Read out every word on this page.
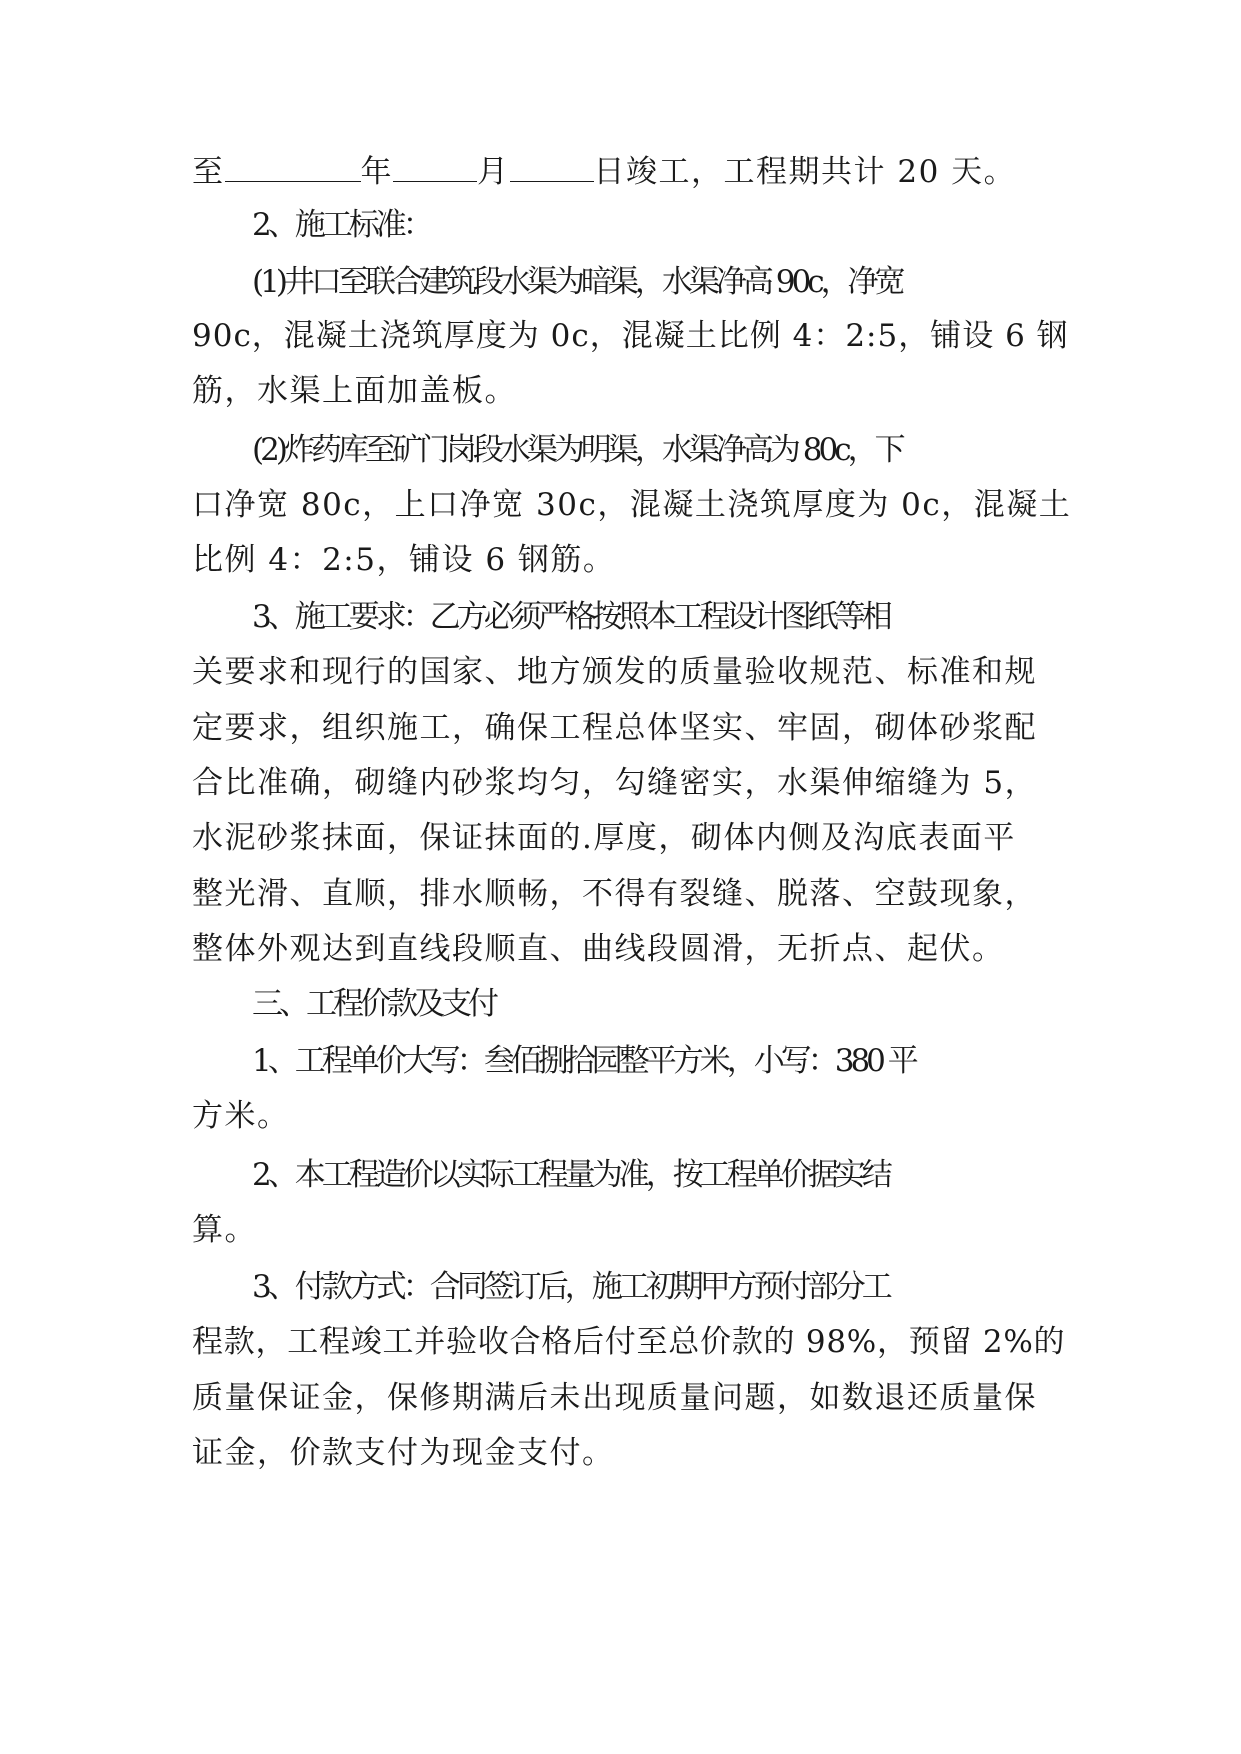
至	年	月	日竣工，工程期共计 20 天。
2、施工标准：
(1)井口至联合建筑段水渠为暗渠，水渠净高 90c，净宽
90c，混凝土浇筑厚度为 0c，混凝土比例 4：2:5，铺设 6 钢
筋，水渠上面加盖板。
(2)炸药库至矿门岗段水渠为明渠，水渠净高为 80c，下
口净宽 80c，上口净宽 30c，混凝土浇筑厚度为 0c，混凝土
比例 4：2:5，铺设 6 钢筋。
3、施工要求：乙方必须严格按照本工程设计图纸等相
关要求和现行的国家、地方颁发的质量验收规范、标准和规
定要求，组织施工，确保工程总体坚实、牢固，砌体砂浆配
合比准确，砌缝内砂浆均匀，勾缝密实，水渠伸缩缝为 5，
水泥砂浆抹面，保证抹面的.厚度，砌体内侧及沟底表面平
整光滑、直顺，排水顺畅，不得有裂缝、脱落、空鼓现象，
整体外观达到直线段顺直、曲线段圆滑，无折点、起伏。
三、工程价款及支付
1、工程单价大写：叁佰捌拾园整平方米，小写：380 平
方米。
2、本工程造价以实际工程量为准，按工程单价据实结
算。
3、付款方式：合同签订后，施工初期甲方预付部分工
程款，工程竣工并验收合格后付至总价款的 98%，预留 2%的
质量保证金，保修期满后未出现质量问题，如数退还质量保
证金，价款支付为现金支付。
